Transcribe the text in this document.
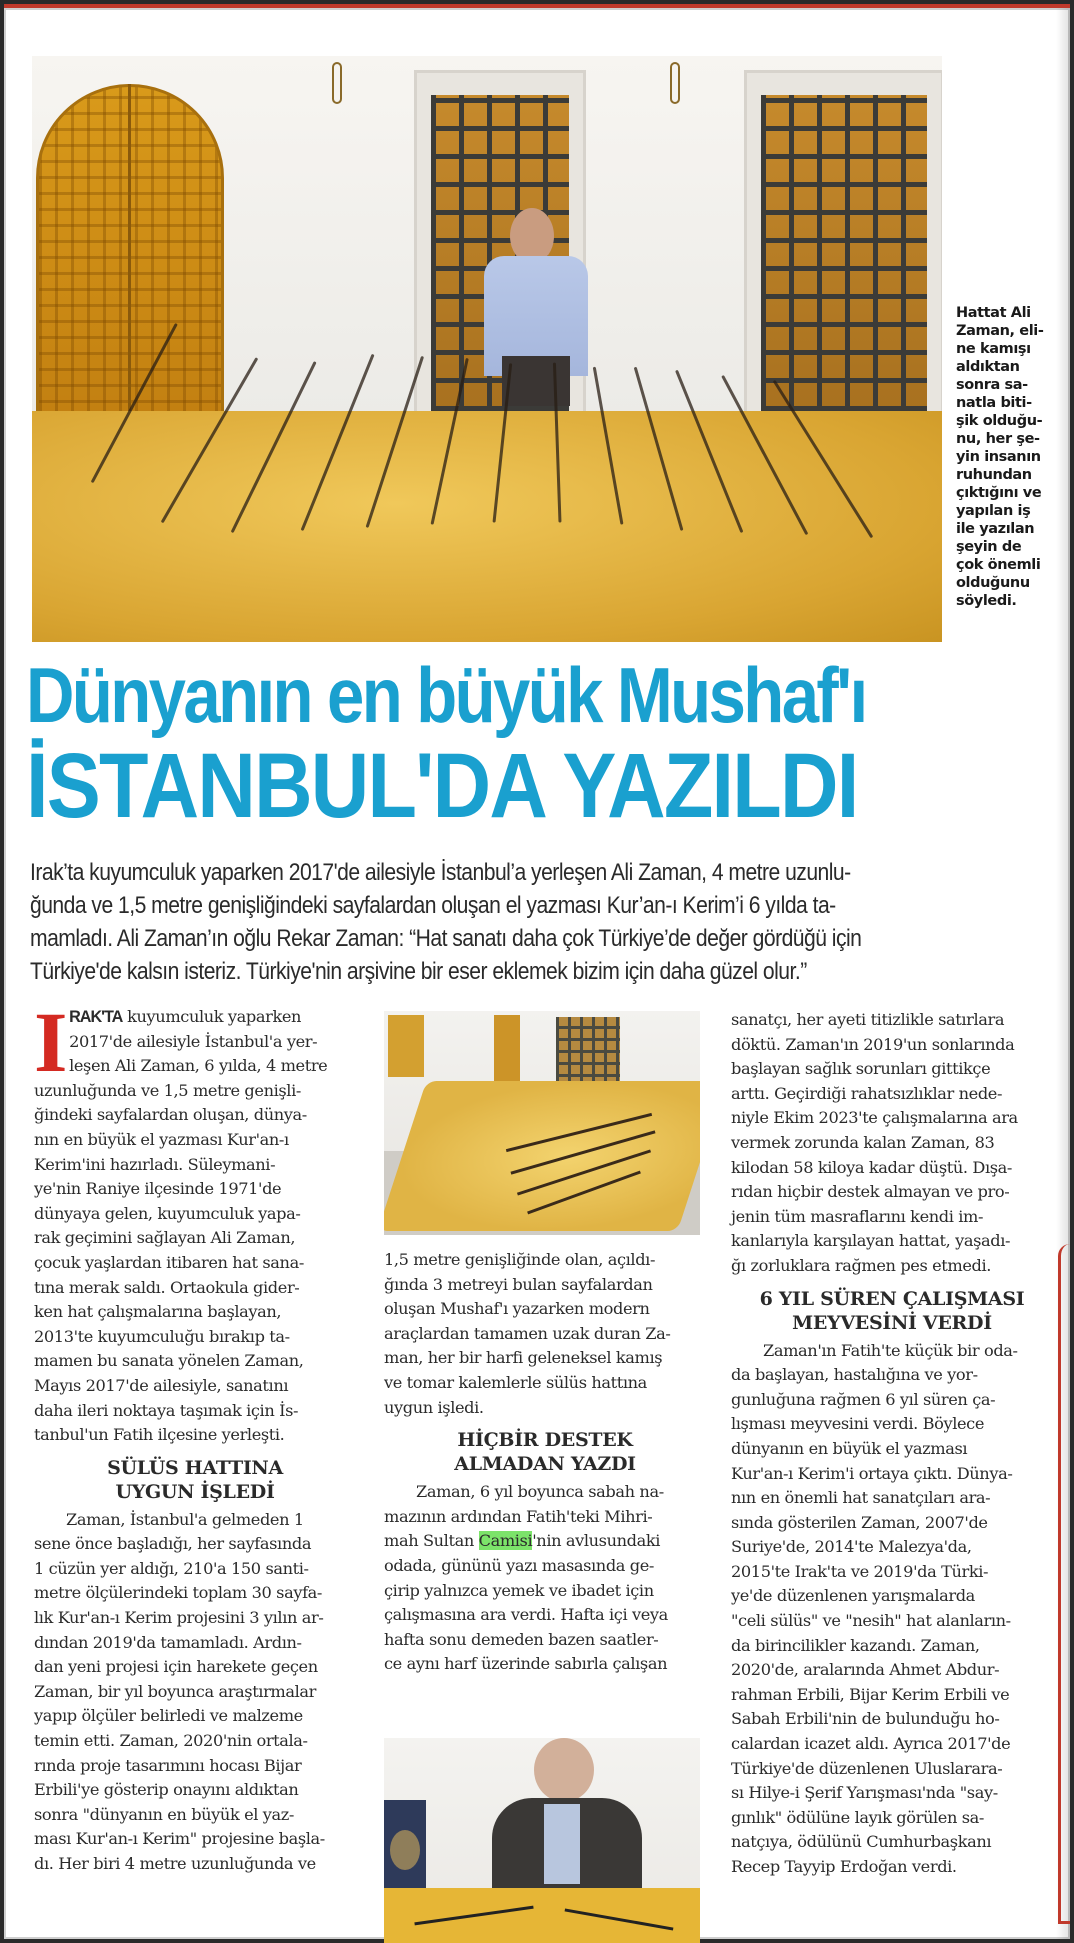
Hattat Ali
Zaman, eli-
ne kamışı
aldıktan
sonra sa-
natla biti-
şik olduğu-
nu, her şe-
yin insanın
ruhundan
çıktığını ve
yapılan iş
ile yazılan
şeyin de
çok önemli
olduğunu
söyledi.
Dünyanın en büyük Mushaf'ı
İSTANBUL'DA YAZILDI
Irak’ta kuyumculuk yaparken 2017'de ailesiyle İstanbul’a yerleşen Ali Zaman, 4 metre uzunlu-
ğunda ve 1,5 metre genişliğindeki sayfalardan oluşan el yazması Kur’an-ı Kerim’i 6 yılda ta-
mamladı. Ali Zaman’ın oğlu Rekar Zaman: “Hat sanatı daha çok Türkiye’de değer gördüğü için
Türkiye'de kalsın isteriz. Türkiye'nin arşivine bir eser eklemek bizim için daha güzel olur.”
I RAK'TA kuyumculuk yaparken

2017'de ailesiyle İstanbul'a yer-

leşen Ali Zaman, 6 yılda, 4 metre

uzunluğunda ve 1,5 metre genişli-

ğindeki sayfalardan oluşan, dünya-

nın en büyük el yazması Kur'an-ı

Kerim'ini hazırladı. Süleymani-

ye'nin Raniye ilçesinde 1971'de

dünyaya gelen, kuyumculuk yapa-

rak geçimini sağlayan Ali Zaman,

çocuk yaşlardan itibaren hat sana-

tına merak saldı. Ortaokula gider-

ken hat çalışmalarına başlayan,

2013'te kuyumculuğu bırakıp ta-

mamen bu sanata yönelen Zaman,

Mayıs 2017'de ailesiyle, sanatını

daha ileri noktaya taşımak için İs-

tanbul'un Fatih ilçesine yerleşti.

SÜLÜS HATTINA
UYGUN İŞLEDİ

Zaman, İstanbul'a gelmeden 1

sene önce başladığı, her sayfasında

1 cüzün yer aldığı, 210'a 150 santi-

metre ölçülerindeki toplam 30 sayfa-

lık Kur'an-ı Kerim projesini 3 yılın ar-

dından 2019'da tamamladı. Ardın-

dan yeni projesi için harekete geçen

Zaman, bir yıl boyunca araştırmalar

yapıp ölçüler belirledi ve malzeme

temin etti. Zaman, 2020'nin ortala-

rında proje tasarımını hocası Bijar

Erbili'ye gösterip onayını aldıktan

sonra "dünyanın en büyük el yaz-

ması Kur'an-ı Kerim" projesine başla-

dı. Her biri 4 metre uzunluğunda ve

1,5 metre genişliğinde olan, açıldı-

ğında 3 metreyi bulan sayfalardan

oluşan Mushaf'ı yazarken modern

araçlardan tamamen uzak duran Za-

man, her bir harfi geleneksel kamış

ve tomar kalemlerle sülüs hattına

uygun işledi.

HİÇBİR DESTEK
ALMADAN YAZDI

Zaman, 6 yıl boyunca sabah na-

mazının ardından Fatih'teki Mihri-

mah Sultan Camisi'nin avlusundaki

odada, gününü yazı masasında ge-

çirip yalnızca yemek ve ibadet için

çalışmasına ara verdi. Hafta içi veya

hafta sonu demeden bazen saatler-

ce aynı harf üzerinde sabırla çalışan

sanatçı, her ayeti titizlikle satırlara

döktü. Zaman'ın 2019'un sonlarında

başlayan sağlık sorunları gittikçe

arttı. Geçirdiği rahatsızlıklar nede-

niyle Ekim 2023'te çalışmalarına ara

vermek zorunda kalan Zaman, 83

kilodan 58 kiloya kadar düştü. Dışa-

rıdan hiçbir destek almayan ve pro-

jenin tüm masraflarını kendi im-

kanlarıyla karşılayan hattat, yaşadı-

ğı zorluklara rağmen pes etmedi.

6 YIL SÜREN ÇALIŞMASI
MEYVESİNİ VERDİ

Zaman'ın Fatih'te küçük bir oda-

da başlayan, hastalığına ve yor-

gunluğuna rağmen 6 yıl süren ça-

lışması meyvesini verdi. Böylece

dünyanın en büyük el yazması

Kur'an-ı Kerim'i ortaya çıktı. Dünya-

nın en önemli hat sanatçıları ara-

sında gösterilen Zaman, 2007'de

Suriye'de, 2014'te Malezya'da,

2015'te Irak'ta ve 2019'da Türki-

ye'de düzenlenen yarışmalarda

"celi sülüs" ve "nesih" hat alanların-

da birincilikler kazandı. Zaman,

2020'de, aralarında Ahmet Abdur-

rahman Erbili, Bijar Kerim Erbili ve

Sabah Erbili'nin de bulunduğu ho-

calardan icazet aldı. Ayrıca 2017'de

Türkiye'de düzenlenen Uluslarara-

sı Hilye-i Şerif Yarışması'nda "say-

gınlık" ödülüne layık görülen sa-

natçıya, ödülünü Cumhurbaşkanı

Recep Tayyip Erdoğan verdi.
